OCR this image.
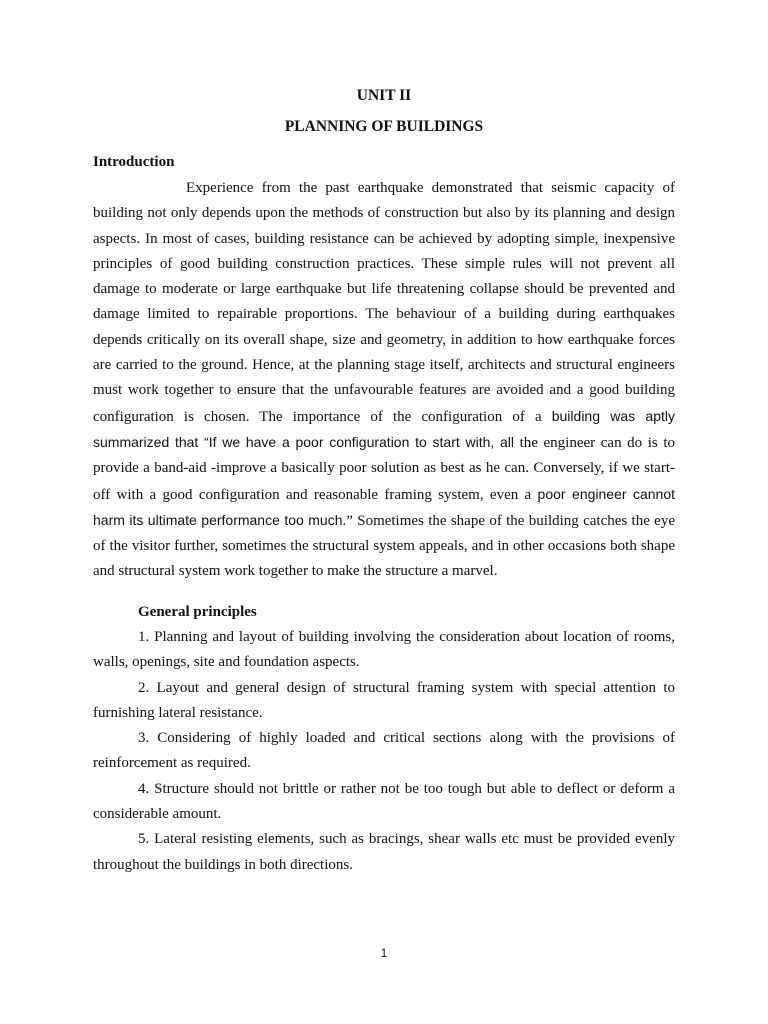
UNIT II
PLANNING OF BUILDINGS
Introduction

Experience from the past earthquake demonstrated that seismic capacity of building not only depends upon the methods of construction but also by its planning and design aspects. In most of cases, building resistance can be achieved by adopting simple, inexpensive principles of good building construction practices. These simple rules will not prevent all damage to moderate or large earthquake but life threatening collapse should be prevented and damage limited to repairable proportions. The behaviour of a building during earthquakes depends critically on its overall shape, size and geometry, in addition to how earthquake forces are carried to the ground. Hence, at the planning stage itself, architects and structural engineers must work together to ensure that the unfavourable features are avoided and a good building configuration is chosen. The importance of the configuration of a building was aptly summarized that “If we have a poor configuration to start with, all the engineer can do is to provide a band-aid -improve a basically poor solution as best as he can. Conversely, if we start-off with a good configuration and reasonable framing system, even a poor engineer cannot harm its ultimate performance too much.” Sometimes the shape of the building catches the eye of the visitor further, sometimes the structural system appeals, and in other occasions both shape and structural system work together to make the structure a marvel.

General principles

1. Planning and layout of building involving the consideration about location of rooms, walls, openings, site and foundation aspects.

2. Layout and general design of structural framing system with special attention to furnishing lateral resistance.

3. Considering of highly loaded and critical sections along with the provisions of reinforcement as required.

4. Structure should not brittle or rather not be too tough but able to deflect or deform a considerable amount.

5. Lateral resisting elements, such as bracings, shear walls etc must be provided evenly throughout the buildings in both directions.

1
